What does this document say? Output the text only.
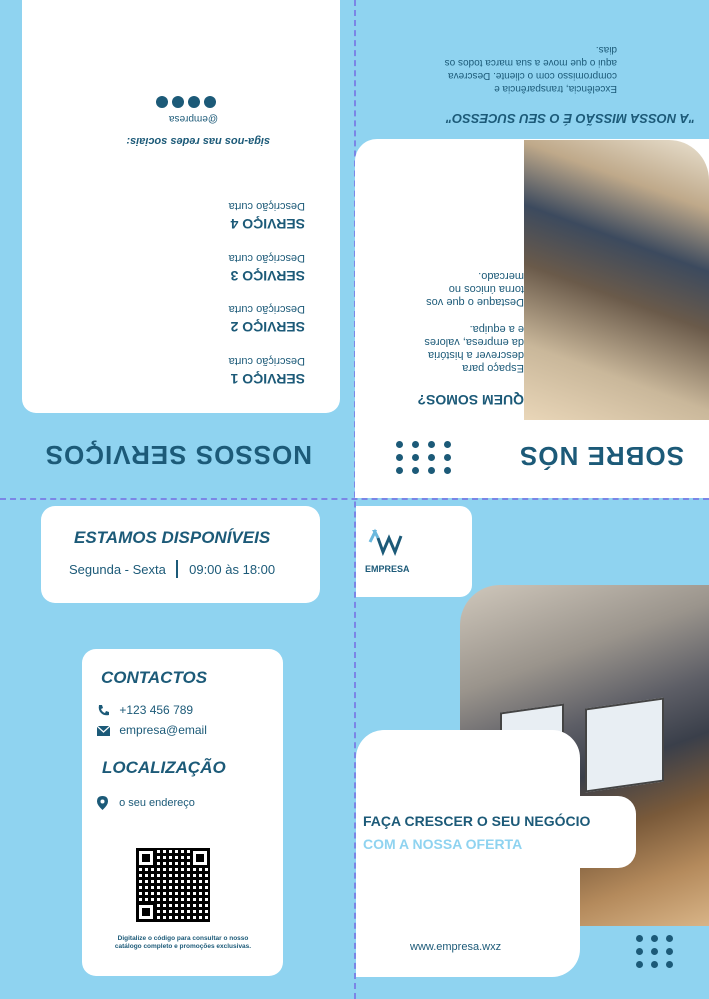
NOSSOS SERVIÇOS
SERVIÇO 1
Descrição curta
SERVIÇO 2
Descrição curta
SERVIÇO 3
Descrição curta
SERVIÇO 4
Descrição curta
siga-nos nas redes sociais:
@empresa
SOBRE NÓS
QUEM SOMOS?
Espaço para descrever a história da empresa, valores e a equipa.
Destaque o que vos torna únicos no mercado.
"A NOSSA MISSÃO É O SEU SUCESSO"
Excelência, transparência e compromisso com o cliente. Descreva aqui o que move a sua marca todos os dias.
ESTAMOS DISPONÍVEIS
Segunda - Sexta 09:00 às 18:00
CONTACTOS
+123 456 789
empresa@email
LOCALIZAÇÃO
o seu endereço
Digitalize o código para consultar o nosso catálogo completo e promoções exclusivas.
EMPRESA
FAÇA CRESCER O SEU NEGÓCIO
COM A NOSSA OFERTA
www.empresa.wxz
